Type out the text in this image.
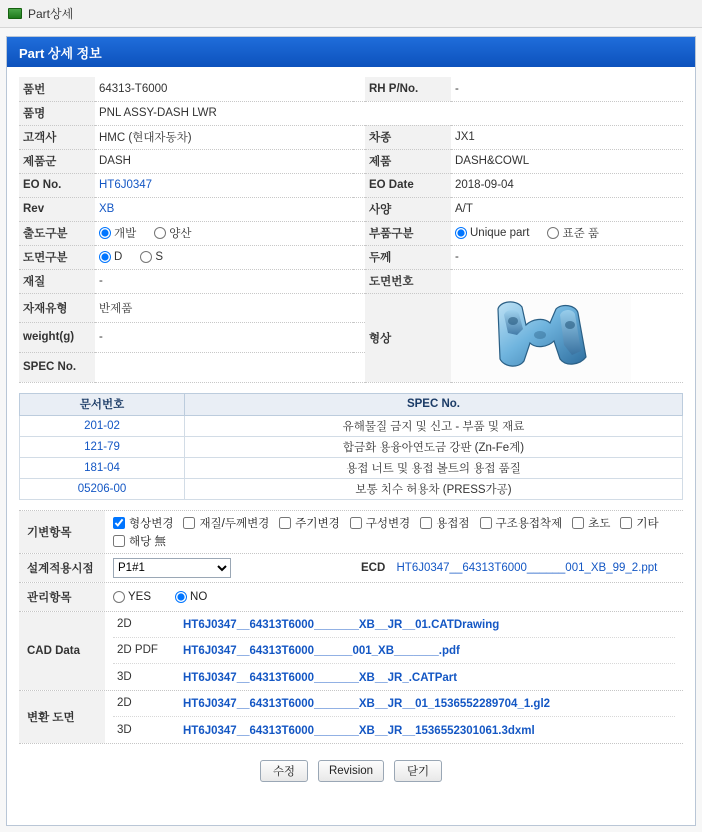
Part상세
Part 상세 정보
품번	64313-T6000		RH P/No.	-
품명	PNL ASSY-DASH LWR			
고객사	HMC (현대자동차)		차종	JX1
제품군	DASH		제품	DASH&COWL
EO No.	HT6J0347		EO Date	2018-09-04
Rev	XB		사양	A/T
출도구분	개발 양산		부품구분	Unique part 표준 품

도면구분	D S		두께	-
재질	-		도면번호	
자재유형	반제품		형상	

weight(g)	-			
SPEC No.				
문서번호	SPEC No.
201-02	유해물질 금지 및 신고 - 부품 및 재료
121-79	합금화 용융아연도금 강판 (Zn-Fe계)
181-04	용접 너트 및 용접 볼트의 용접 품질
05206-00	보통 치수 허용차 (PRESS가공)
기변항목
형상변경 재질/두께변경 주기변경 구성변경 용접점 구조용접착제 초도 기타
해당 無
설계적용시점
P1#1	ECD HT6J0347__64313T6000______001_XB_99_2.ppt
관리항목	YES	NO
CAD Data
2D	HT6J0347__64313T6000_______XB__JR__01.CATDrawing
2D PDF	HT6J0347__64313T6000______001_XB_______.pdf
3D	HT6J0347__64313T6000_______XB__JR_.CATPart
변환 도면
2D	HT6J0347__64313T6000_______XB__JR__01_1536552289704_1.gl2
3D	HT6J0347__64313T6000_______XB__JR__1536552301061.3dxml
수정	Revision	닫기
